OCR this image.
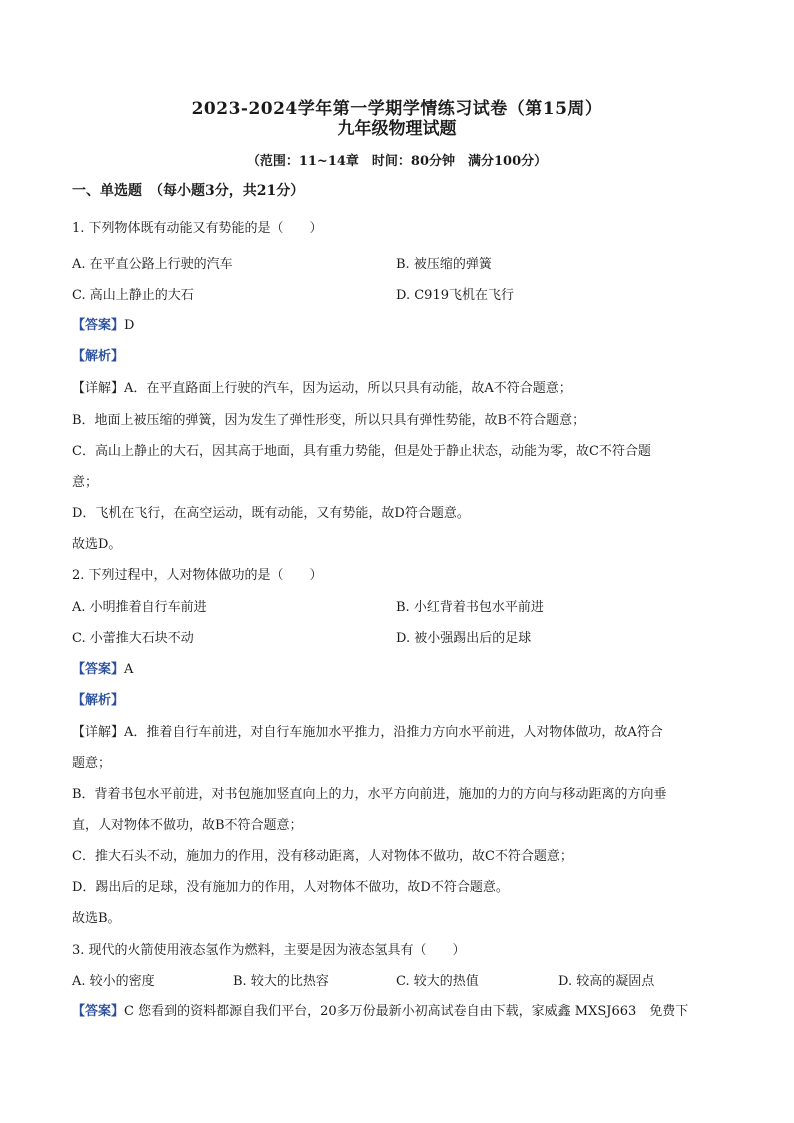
2023-2024学年第一学期学情练习试卷（第15周）
九年级物理试题
（范围：11~14章　时间：80分钟　满分100分）
一、单选题　（每小题3分，共21分）
1. 下列物体既有动能又有势能的是（　　）
A. 在平直公路上行驶的汽车	B. 被压缩的弹簧
C. 高山上静止的大石	D. C919飞机在飞行
【答案】D
【解析】
【详解】A．在平直路面上行驶的汽车，因为运动，所以只具有动能，故A不符合题意；
B．地面上被压缩的弹簧，因为发生了弹性形变，所以只具有弹性势能，故B不符合题意；
C．高山上静止的大石，因其高于地面，具有重力势能，但是处于静止状态，动能为零，故C不符合题
意；
D．飞机在飞行，在高空运动，既有动能，又有势能，故D符合题意。
故选D。
2. 下列过程中，人对物体做功的是（　　）
A. 小明推着自行车前进	B. 小红背着书包水平前进
C. 小蕾推大石块不动	D. 被小强踢出后的足球
【答案】A
【解析】
【详解】A．推着自行车前进，对自行车施加水平推力，沿推力方向水平前进，人对物体做功，故A符合
题意；
B．背着书包水平前进，对书包施加竖直向上的力，水平方向前进，施加的力的方向与移动距离的方向垂
直，人对物体不做功，故B不符合题意；
C．推大石头不动，施加力的作用，没有移动距离，人对物体不做功，故C不符合题意；
D．踢出后的足球，没有施加力的作用，人对物体不做功，故D不符合题意。
故选B。
3. 现代的火箭使用液态氢作为燃料，主要是因为液态氢具有（　　）
A. 较小的密度	B. 较大的比热容	C. 较大的热值	D. 较高的凝固点
【答案】C 您看到的资料都源自我们平台，20多万份最新小初高试卷自由下载，家威鑫 MXSJ663　免费下
